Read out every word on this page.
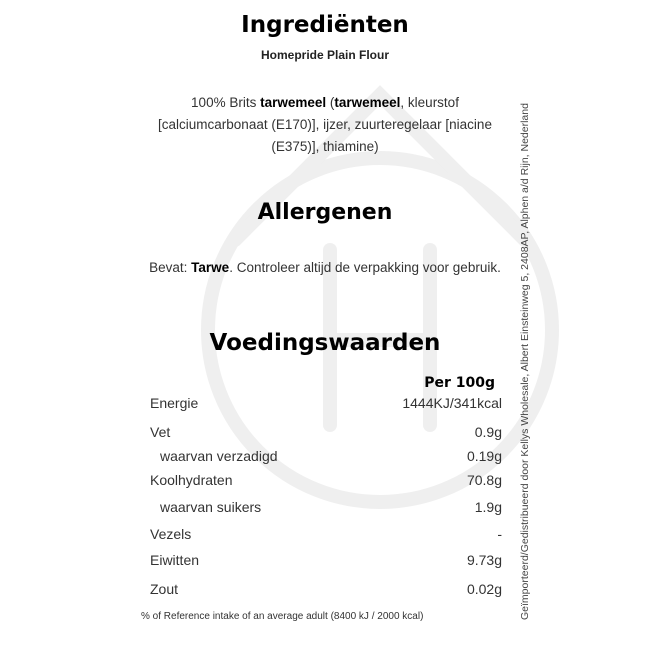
Ingrediënten
Homepride Plain Flour
100% Brits tarwemeel (tarwemeel, kleurstof [calciumcarbonaat (E170)], ijzer, zuurteregelaar [niacine (E375)], thiamine)
Allergenen
Bevat: Tarwe. Controleer altijd de verpakking voor gebruik.
Voedingswaarden
Per 100g
Energie	1444KJ/341kcal
Vet	0.9g
waarvan verzadigd	0.19g
Koolhydraten	70.8g
waarvan suikers	1.9g
Vezels	-
Eiwitten	9.73g
Zout	0.02g
% of Reference intake of an average adult (8400 kJ / 2000 kcal)	Geïmporteerd/Gedistribueerd door Kellys Wholesale, Albert Einsteinweg 5, 2408AP, Alphen a/d Rijn, Nederland
